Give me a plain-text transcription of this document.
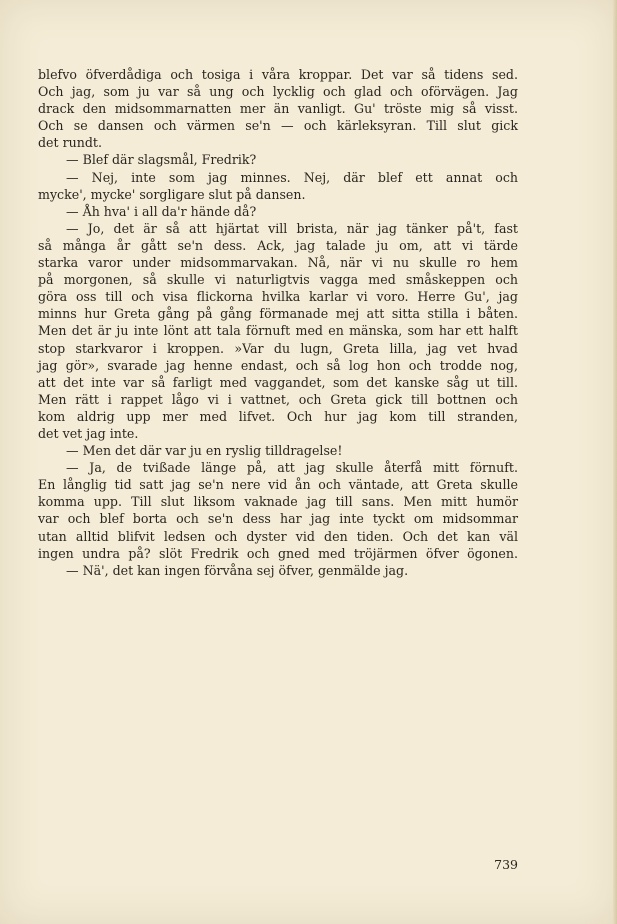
blefvo öfverdådiga och tosiga i våra kroppar. Det var så tidens sed.
Och jag, som ju var så ung och lycklig och glad och oförvägen. Jag
drack den midsommarnatten mer än vanligt. Gu' tröste mig så visst.
Och se dansen och värmen se'n — och kärleksyran. Till slut gick
det rundt.
— Blef där slagsmål, Fredrik?
— Nej, inte som jag minnes. Nej, där blef ett annat och
mycke', mycke' sorgligare slut på dansen.
— Åh hva' i all da'r hände då?
— Jo, det är så att hjärtat vill brista, när jag tänker på't, fast
så många år gått se'n dess. Ack, jag talade ju om, att vi tärde
starka varor under midsommarvakan. Nå, när vi nu skulle ro hem
på morgonen, så skulle vi naturligtvis vagga med småskeppen och
göra oss till och visa flickorna hvilka karlar vi voro. Herre Gu', jag
minns hur Greta gång på gång förmanade mej att sitta stilla i båten.
Men det är ju inte lönt att tala förnuft med en mänska, som har ett halft
stop starkvaror i kroppen. »Var du lugn, Greta lilla, jag vet hvad
jag gör», svarade jag henne endast, och så log hon och trodde nog,
att det inte var så farligt med vaggandet, som det kanske såg ut till.
Men rätt i rappet lågo vi i vattnet, och Greta gick till bottnen och
kom aldrig upp mer med lifvet. Och hur jag kom till stranden,
det vet jag inte.
— Men det där var ju en ryslig tilldragelse!
— Ja, de tvißade länge på, att jag skulle återfå mitt förnuft.
En långlig tid satt jag se'n nere vid ån och väntade, att Greta skulle
komma upp. Till slut liksom vaknade jag till sans. Men mitt humör
var och blef borta och se'n dess har jag inte tyckt om midsommar
utan alltid blifvit ledsen och dyster vid den tiden. Och det kan väl
ingen undra på? slöt Fredrik och gned med tröjärmen öfver ögonen.
— Nä', det kan ingen förvåna sej öfver, genmälde jag.
739
